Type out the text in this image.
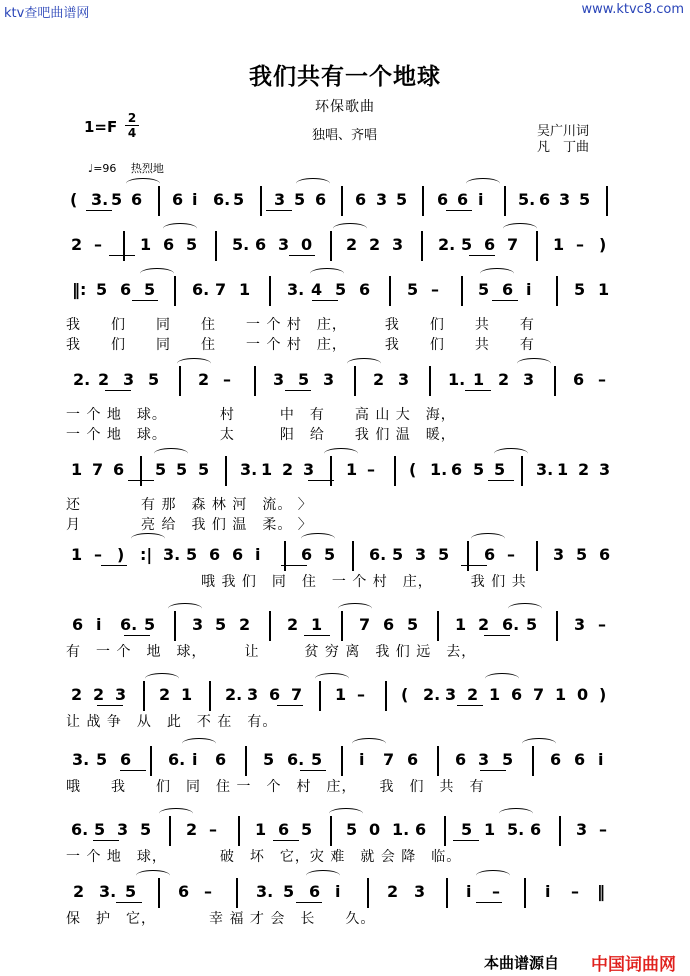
ktv查吧曲谱网	www.ktvc8.com
我们共有一个地球
环保歌曲
独唱、齐唱
1=F 2
4	吴广川词
凡　丁曲
♩=96　 热烈地
( 3. 5 6 6 i 6. 5 3 5 6 6 3 5 6 6 i 5. 6 3 5
2 – 1 6 5 5. 6 3 0 2 2 3 2. 5 6 7 1 – )
‖: 5 6 5 6. 7 1 3. 4 5 6 5 – 5 6 i	5 1
我　　们　　同　　住　　一 个 村　庄，　　　我　　们　　共　　有
我　　们　　同　　住　　一 个 村　庄，　　　我　　们　　共　　有
2. 2 3 5 2 –	3 5 3 2 3 1. 1 2 3 6 –
一 个 地　球。　　　　村　　　中　有　　高 山 大　海，
一 个 地　球。　　　　太　　　阳　给　　我 们 温　暖，
1 7 6 5 5 5 3. 1 2 3 1 – ( 1. 6 5 5 3. 1 2 3
还　　　　有 那　森 林 河　流。 〉
月　　　　亮 给　我 们 温　柔。 〉
1 – ) :| 3. 5 6 6 i	6 5 6. 5 3 5 6 – 3 5 6
　　　　　　　　　哦 我 们　同　住　一 个 村　庄，　　　我 们 共
6 i 6. 5 3 5 2 2 1 7 6 5 1 2 6. 5 3 –
有　一 个　地　球，　　　让　　　贫 穷 离　我 们 远　去，
2 2 3 2 1 2. 3 6 7 1 – ( 2. 3 2 1 6 7 1 0 )
让 战 争　从　此　不 在　有。
3. 5 6 6. i 6 5 6. 5 i 7 6 6 3 5 6 6 i
哦　　我　　们　同　住 一　个　村　庄，　　我　们　共　有
6. 5 3 5 2 – 1 6 5 5 0 1. 6 5 1 5. 6 3 –
一 个 地　球，　　　　破　坏　它，灾 难　就 会 降　临。
2 3. 5	6 –	3. 5 6 i	2 3	i –	i – ‖
保　护　它，　　　　幸 福 才 会　长　　久。
本曲谱源自 中国词曲网
